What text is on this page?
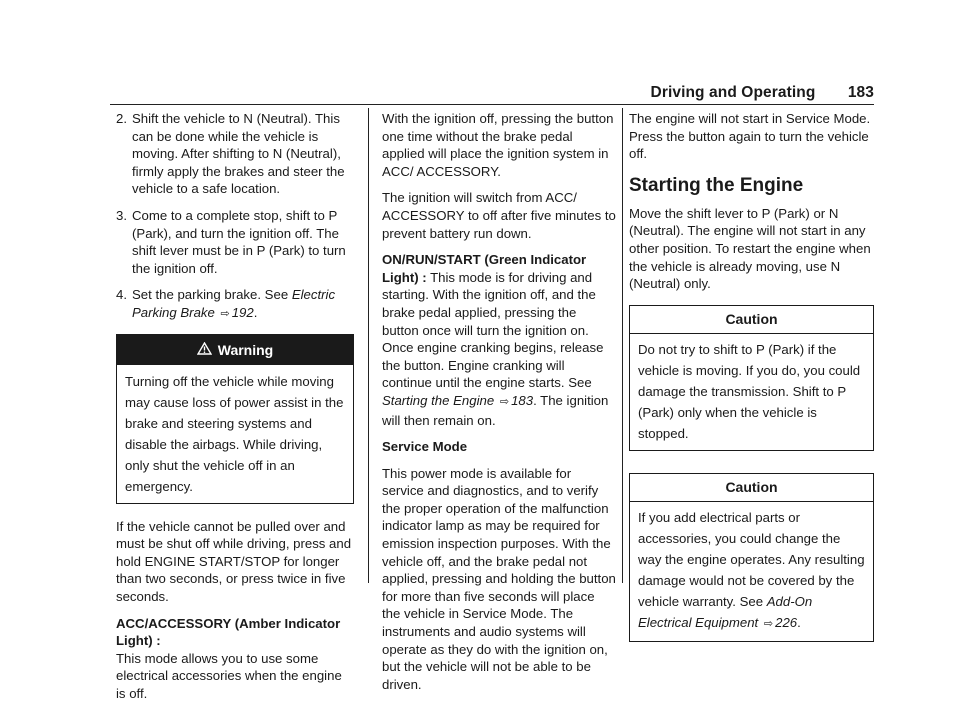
Driving and Operating 183
2. Shift the vehicle to N (Neutral). This can be done while the vehicle is moving. After shifting to N (Neutral), firmly apply the brakes and steer the vehicle to a safe location.
3. Come to a complete stop, shift to P (Park), and turn the ignition off. The shift lever must be in P (Park) to turn the ignition off.
4. Set the parking brake. See Electric Parking Brake ⇨ 192.
Warning
Turning off the vehicle while moving may cause loss of power assist in the brake and steering systems and disable the airbags. While driving, only shut the vehicle off in an emergency.

If the vehicle cannot be pulled over and must be shut off while driving, press and hold ENGINE START/STOP for longer than two seconds, or press twice in five seconds.

ACC/ACCESSORY (Amber Indicator Light) :
This mode allows you to use some electrical accessories when the engine is off.

With the ignition off, pressing the button one time without the brake pedal applied will place the ignition system in ACC/ ACCESSORY.

The ignition will switch from ACC/ ACCESSORY to off after five minutes to prevent battery run down.

ON/RUN/START (Green Indicator Light) : This mode is for driving and starting. With the ignition off, and the brake pedal applied, pressing the button once will turn the ignition on. Once engine cranking begins, release the button. Engine cranking will continue until the engine starts. See Starting the Engine ⇨ 183. The ignition will then remain on.

Service Mode

This power mode is available for service and diagnostics, and to verify the proper operation of the malfunction indicator lamp as may be required for emission inspection purposes. With the vehicle off, and the brake pedal not applied, pressing and holding the button for more than five seconds will place the vehicle in Service Mode. The instruments and audio systems will operate as they do with the ignition on, but the vehicle will not be able to be driven.

The engine will not start in Service Mode. Press the button again to turn the vehicle off.

Starting the Engine

Move the shift lever to P (Park) or N (Neutral). The engine will not start in any other position. To restart the engine when the vehicle is already moving, use N (Neutral) only.

Caution
Do not try to shift to P (Park) if the vehicle is moving. If you do, you could damage the transmission. Shift to P (Park) only when the vehicle is stopped.
Caution
If you add electrical parts or accessories, you could change the way the engine operates. Any resulting damage would not be covered by the vehicle warranty. See Add-On Electrical Equipment ⇨ 226.
